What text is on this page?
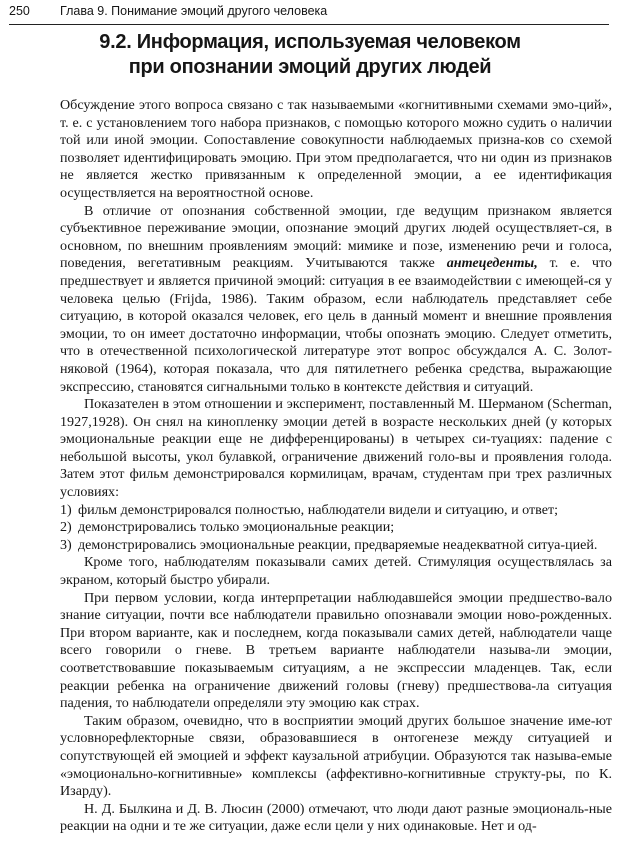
250 Глава 9. Понимание эмоций другого человека
9.2. Информация, используемая человеком
при опознании эмоций других людей

Обсуждение этого вопроса связано с так называемыми «когнитивными схемами эмо-ций», т. е. с установлением того набора признаков, с помощью которого можно судить о наличии той или иной эмоции. Сопоставление совокупности наблюдаемых призна-ков со схемой позволяет идентифицировать эмоцию. При этом предполагается, что ни один из признаков не является жестко привязанным к определенной эмоции, а ее идентификация осуществляется на вероятностной основе.

В отличие от опознания собственной эмоции, где ведущим признаком является субъективное переживание эмоции, опознание эмоций других людей осуществляет-ся, в основном, по внешним проявлениям эмоций: мимике и позе, изменению речи и голоса, поведения, вегетативным реакциям. Учитываются также антецеденты, т. е. что предшествует и является причиной эмоций: ситуация в ее взаимодействии с имеющей-ся у человека целью (Frijda, 1986). Таким образом, если наблюдатель представляет себе ситуацию, в которой оказался человек, его цель в данный момент и внешние проявления эмоции, то он имеет достаточно информации, чтобы опознать эмоцию. Следует отметить, что в отечественной психологической литературе этот вопрос обсуждался А. С. Золот-няковой (1964), которая показала, что для пятилетнего ребенка средства, выражающие экспрессию, становятся сигнальными только в контексте действия и ситуаций.

Показателен в этом отношении и эксперимент, поставленный М. Шерманом (Scherman, 1927,1928). Он снял на кинопленку эмоции детей в возрасте нескольких дней (у которых эмоциональные реакции еще не дифференцированы) в четырех си-туациях: падение с небольшой высоты, укол булавкой, ограничение движений голо-вы и проявления голода. Затем этот фильм демонстрировался кормилицам, врачам, студентам при трех различных условиях:

1) фильм демонстрировался полностью, наблюдатели видели и ситуацию, и ответ;
2) демонстрировались только эмоциональные реакции;
3) демонстрировались эмоциональные реакции, предваряемые неадекватной ситуа-цией.

Кроме того, наблюдателям показывали самих детей. Стимуляция осуществлялась за экраном, который быстро убирали.

При первом условии, когда интерпретации наблюдавшейся эмоции предшество-вало знание ситуации, почти все наблюдатели правильно опознавали эмоции ново-рожденных. При втором варианте, как и последнем, когда показывали самих детей, наблюдатели чаще всего говорили о гневе. В третьем варианте наблюдатели называ-ли эмоции, соответствовавшие показываемым ситуациям, а не экспрессии младенцев. Так, если реакции ребенка на ограничение движений головы (гневу) предшествова-ла ситуация падения, то наблюдатели определяли эту эмоцию как страх.

Таким образом, очевидно, что в восприятии эмоций других большое значение име-ют условнорефлекторные связи, образовавшиеся в онтогенезе между ситуацией и сопутствующей ей эмоцией и эффект каузальной атрибуции. Образуются так называ-емые «эмоционально-когнитивные» комплексы (аффективно-когнитивные структу-ры, по К. Изарду).

Н. Д. Былкина и Д. В. Люсин (2000) отмечают, что люди дают разные эмоциональ-ные реакции на одни и те же ситуации, даже если цели у них одинаковые. Нет и од-
